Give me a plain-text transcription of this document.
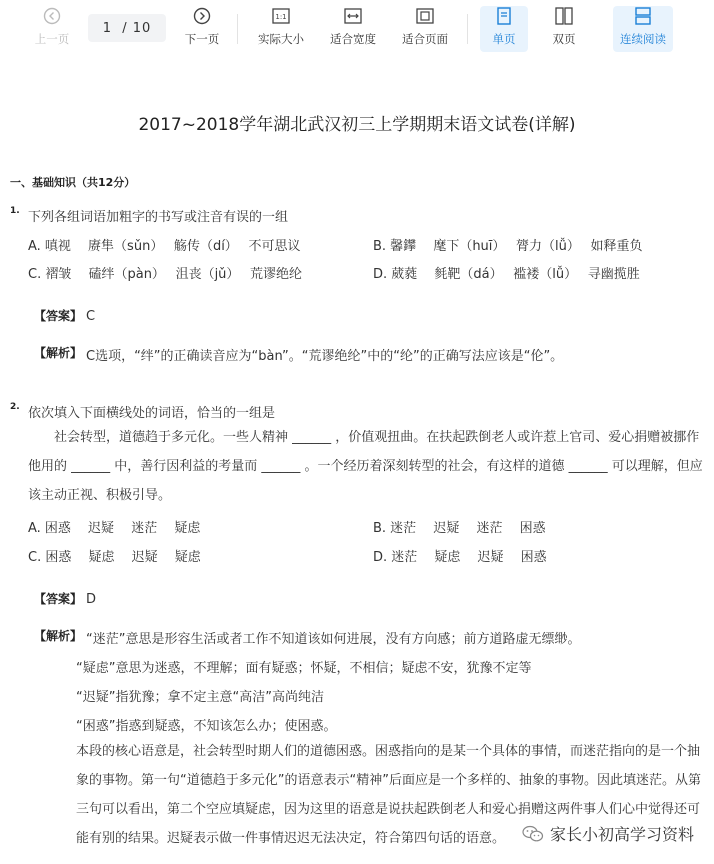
上一页
1
/ 10
下一页
1:1
实际大小 适合宽度 适合页面	单页	双页	连续阅读
2017~2018学年湖北武汉初三上学期期末语文试卷(详解)
一、基础知识（共12分）
1. 下列各组词语加粗字的书写或注音有误的一组
A. 嗔视　 赓隼（sǔn）　 觞传（dí）　 不可思议	B. 馨鑻　 麾下（huī）　 膂力（lǚ）　 如释重负
C. 褶皱　 磕绊（pàn）　 沮丧（jǔ）　 荒谬绝纶	D. 葳蕤　 毵靶（dá）　 褴褛（lǚ）　 寻幽揽胜
【答案】 C
【解析】 C选项，“绊”的正确读音应为“bàn”。“荒谬绝纶”中的“纶”的正确写法应该是“伦”。
2. 依次填入下面横线处的词语，恰当的一组是
社会转型，道德趋于多元化。一些人精神 ______ ，价值观扭曲。在扶起跌倒老人或许惹上官司、爱心捐赠被挪作他用的 ______ 中，善行因利益的考量而 ______ 。一个经历着深刻转型的社会，有这样的道德 ______ 可以理解，但应该主动正视、积极引导。
A. 困惑　 迟疑　 迷茫　 疑虑	B. 迷茫　 迟疑　 迷茫　 困惑
C. 困惑　 疑虑　 迟疑　 疑虑	D. 迷茫　 疑虑　 迟疑　 困惑
【答案】 D
【解析】 “迷茫”意思是形容生活或者工作不知道该如何进展，没有方向感；前方道路虚无缥缈。
“疑虑”意思为迷惑，不理解；面有疑惑；怀疑，不相信；疑虑不安，犹豫不定等
“迟疑”指犹豫；拿不定主意“高洁”高尚纯洁
“困惑”指惑到疑惑，不知该怎么办；使困惑。
本段的核心语意是，社会转型时期人们的道德困惑。困惑指向的是某一个具体的事情，而迷茫指向的是一个抽象的事物。第一句“道德趋于多元化”的语意表示“精神”后面应是一个多样的、抽象的事物。因此填迷茫。从第三句可以看出，第二个空应填疑虑，因为这里的语意是说扶起跌倒老人和爱心捐赠这两件事人们心中觉得还可能有别的结果。迟疑表示做一件事情迟迟无法决定，符合第四句话的语意。	家长小初高学习资料
